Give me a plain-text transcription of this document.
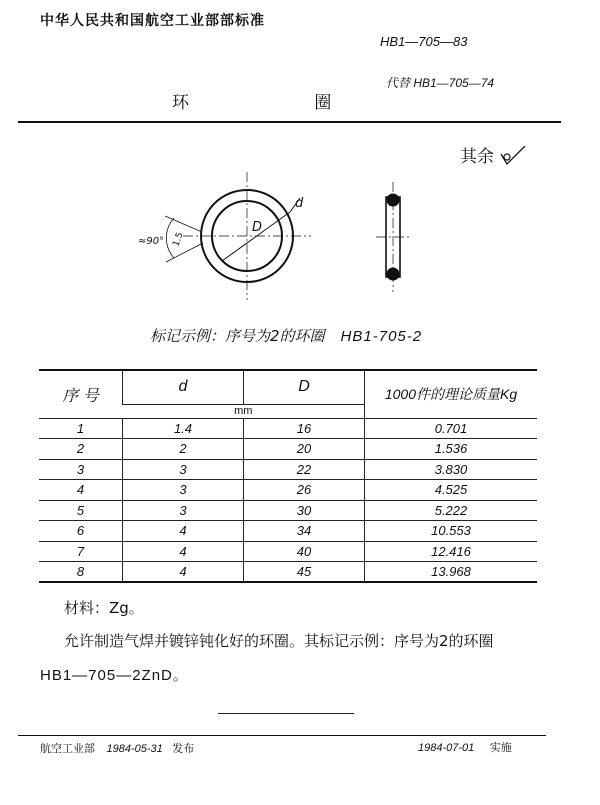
中华人民共和国航空工业部部标准
HB1—705—83
代替 HB1—705—74
环 圈
其余
D
d
1.5
≈90°
标记示例：序号为2的环圈 HB1-705-2
序 号	d	D	1000件的理论质量Kg
	mm		
1	1.4	16	0.701
2	2	20	1.536
3	3	22	3.830
4	3	26	4.525
5	3	30	5.222
6	4	34	10.553
7	4	40	12.416
8	4	45	13.968
材料：Zg。
允许制造气焊并镀锌钝化好的环圈。其标记示例：序号为2的环圈
HB1—705—2ZnD。
航空工业部 1984-05-31 发布	1984-07-01 实施
